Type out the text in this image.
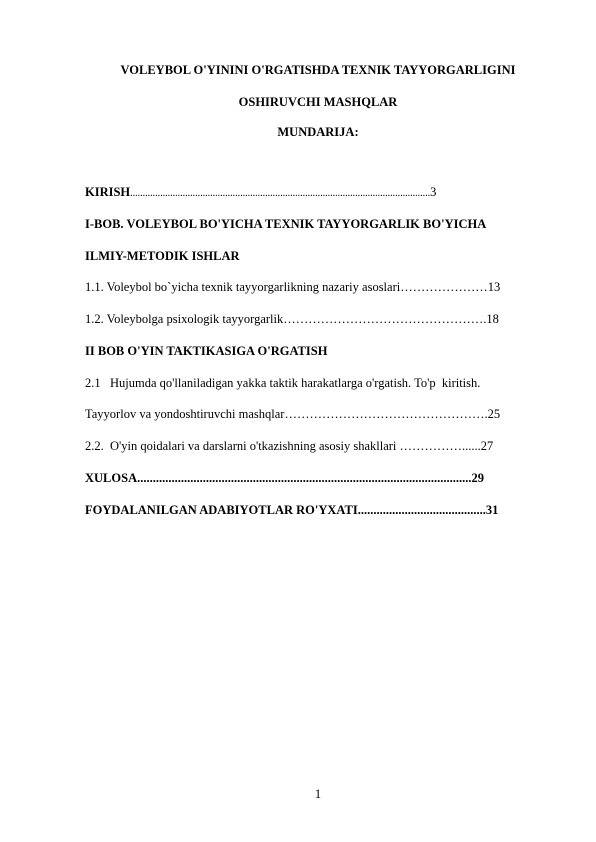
VOLEYBOL O'YININI O'RGATISHDA TEXNIK TAYYORGARLIGINI
OSHIRUVCHI MASHQLAR
MUNDARIJA:
KIRISH........................................................................................................................3
I-BOB. VOLEYBOL BO'YICHA TEXNIK TAYYORGARLIK BO'YICHA
ILMIY-METODIK ISHLAR
1.1. Voleybol bo`yicha texnik tayyorgarlikning nazariy asoslari…………………13
1.2. Voleybolga psixologik tayyorgarlik………………………………………….18
II BOB O'YIN TAKTIKASIGA O'RGATISH
2.1   Hujumda qo'llaniladigan yakka taktik harakatlarga o'rgatish. To'p  kiritish.
Tayyorlov va yondoshtiruvchi mashqlar………………………………………….25
2.2.  O'yin qoidalari va darslarni o'tkazishning asosiy shakllari ……………......27
XULOSA...........................................................................................................29
FOYDALANILGAN ADABIYOTLAR RO'YXATI.........................................31
1
